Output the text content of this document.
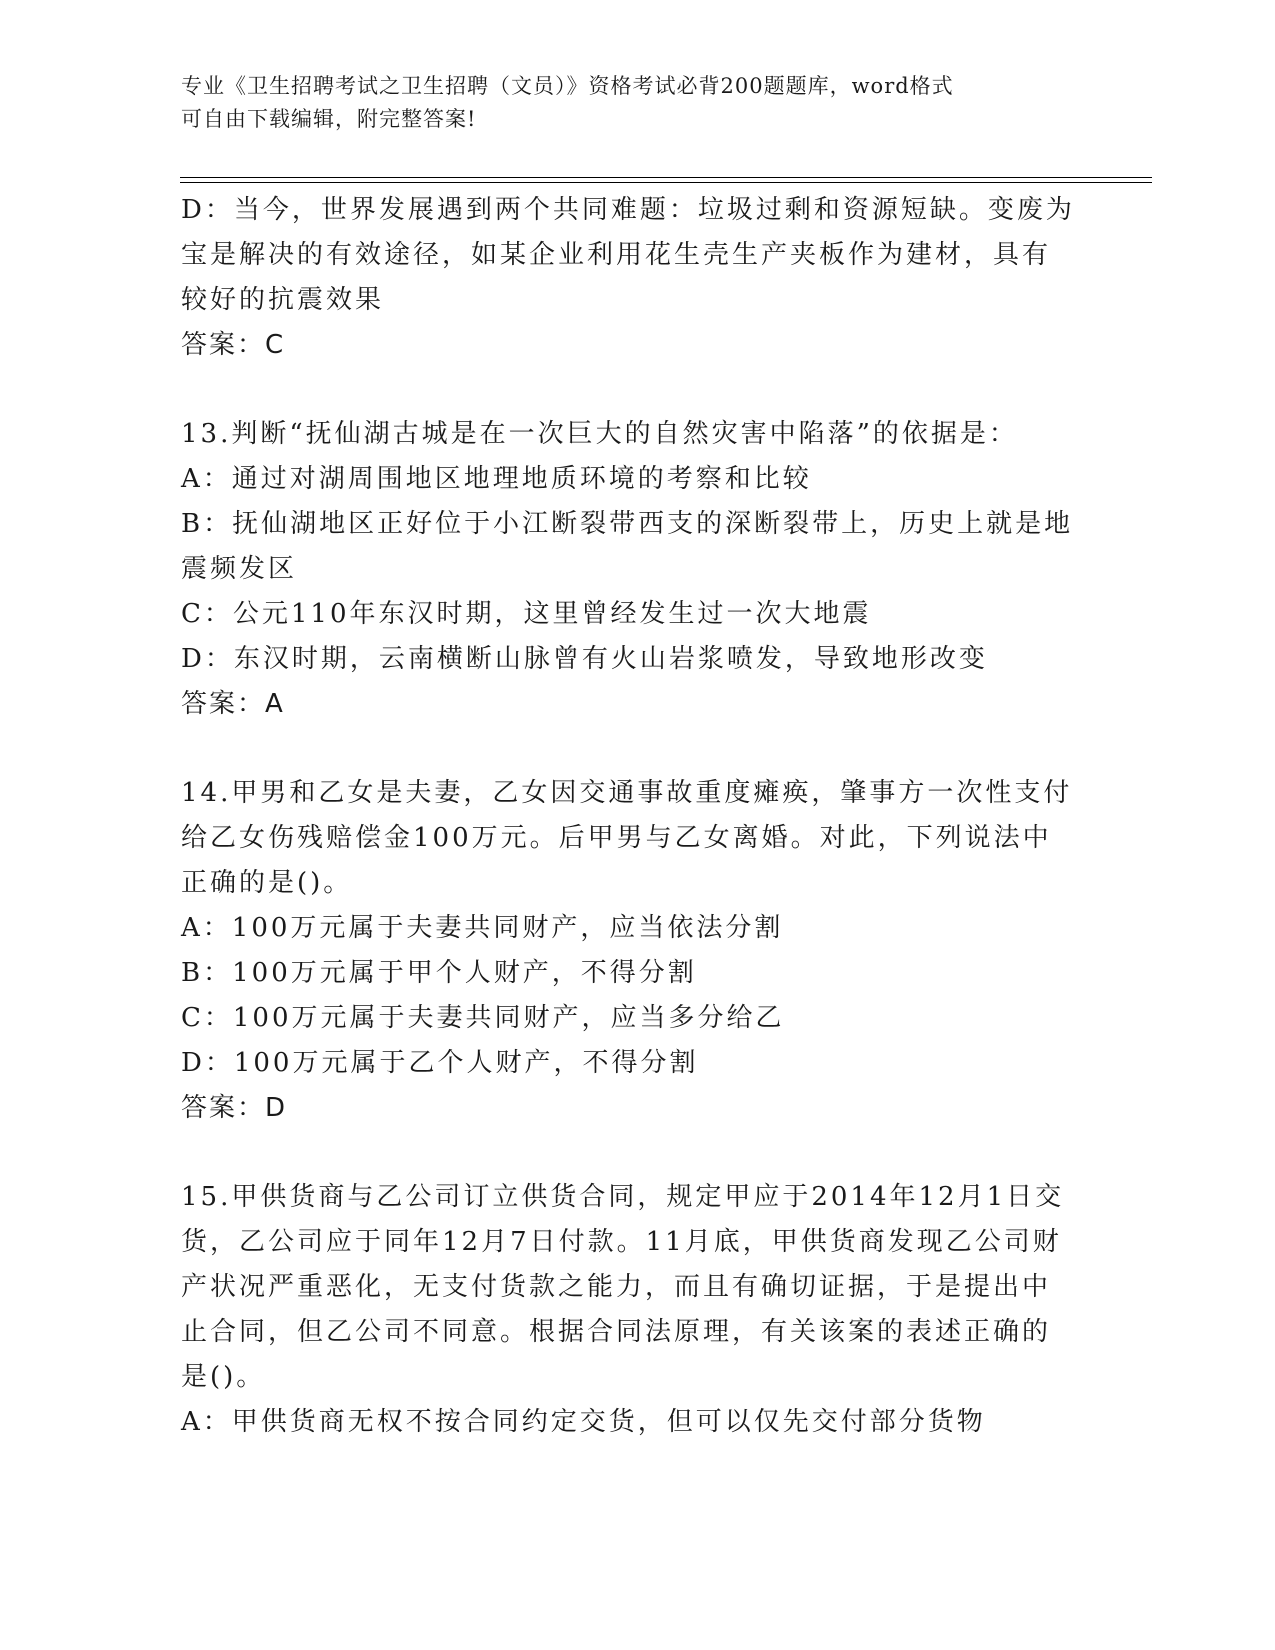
专业《卫生招聘考试之卫生招聘（文员）》资格考试必背200题题库，word格式
可自由下载编辑，附完整答案!
D：当今，世界发展遇到两个共同难题：垃圾过剩和资源短缺。变废为
宝是解决的有效途径，如某企业利用花生壳生产夹板作为建材，具有
较好的抗震效果
答案：C
13.判断“抚仙湖古城是在一次巨大的自然灾害中陷落”的依据是：
A：通过对湖周围地区地理地质环境的考察和比较
B：抚仙湖地区正好位于小江断裂带西支的深断裂带上，历史上就是地
震频发区
C：公元110年东汉时期，这里曾经发生过一次大地震
D：东汉时期，云南横断山脉曾有火山岩浆喷发，导致地形改变
答案：A
14.甲男和乙女是夫妻，乙女因交通事故重度瘫痪，肇事方一次性支付
给乙女伤残赔偿金100万元。后甲男与乙女离婚。对此，下列说法中
正确的是()。
A：100万元属于夫妻共同财产，应当依法分割
B：100万元属于甲个人财产，不得分割
C：100万元属于夫妻共同财产，应当多分给乙
D：100万元属于乙个人财产，不得分割
答案：D
15.甲供货商与乙公司订立供货合同，规定甲应于2014年12月1日交
货，乙公司应于同年12月7日付款。11月底，甲供货商发现乙公司财
产状况严重恶化，无支付货款之能力，而且有确切证据，于是提出中
止合同，但乙公司不同意。根据合同法原理，有关该案的表述正确的
是()。
A：甲供货商无权不按合同约定交货，但可以仅先交付部分货物
